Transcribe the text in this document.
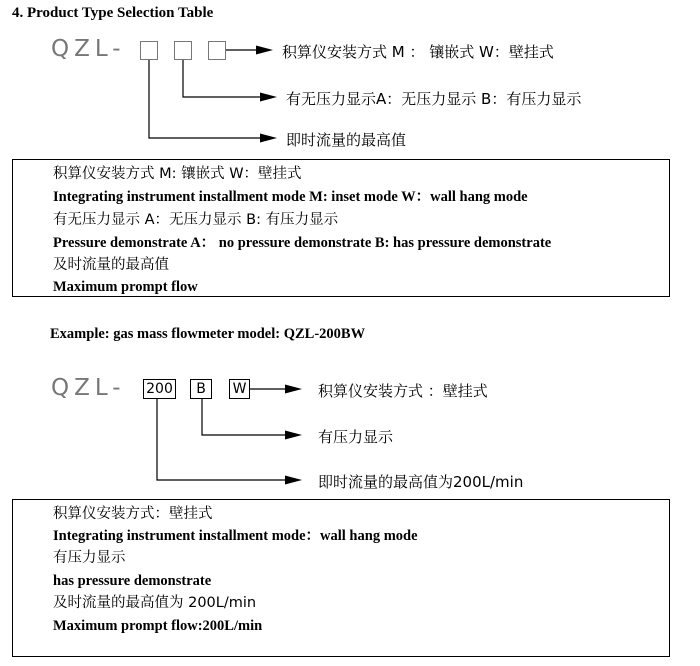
4. Product Type Selection Table
QZL-	积算仪安装方式 M ： 镶嵌式 W：壁挂式
有无压力显示A：无压力显示 B：有压力显示
即时流量的最高值
积算仪安装方式 M: 镶嵌式 W：壁挂式
Integrating instrument installment mode M: inset mode W：wall hang mode
有无压力显示 A：无压力显示 B: 有压力显示
Pressure demonstrate A： no pressure demonstrate B: has pressure demonstrate
及时流量的最高值
Maximum prompt flow
Example: gas mass flowmeter model: QZL-200BW
QZL- 200	B	W	积算仪安装方式 ：壁挂式
有压力显示
即时流量的最高值为200L/min
积算仪安装方式：壁挂式
Integrating instrument installment mode：wall hang mode
有压力显示
has pressure demonstrate
及时流量的最高值为 200L/min
Maximum prompt flow:200L/min
